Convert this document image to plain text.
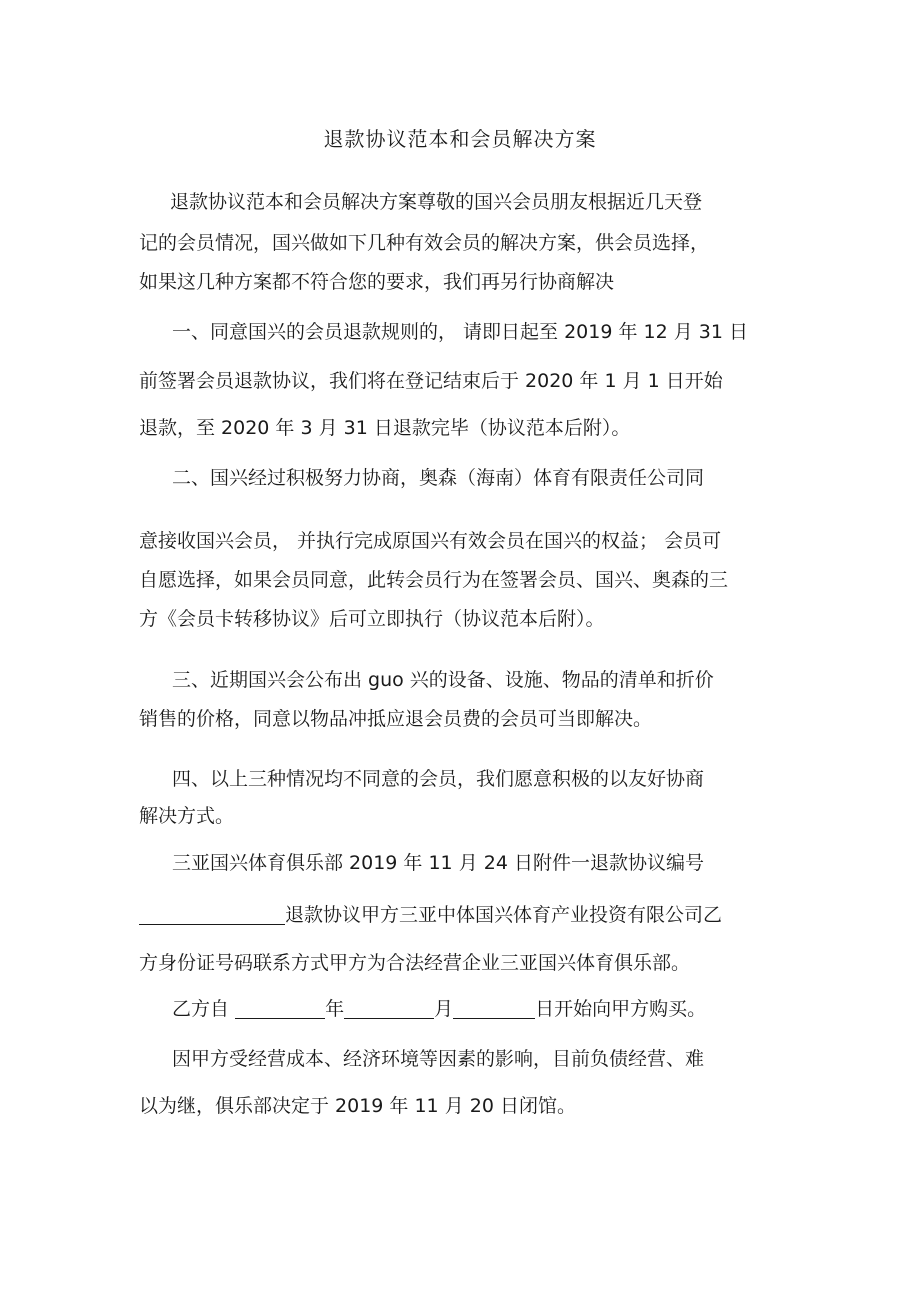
退款协议范本和会员解决方案

退款协议范本和会员解决方案尊敬的国兴会员朋友根据近几天登

记的会员情况，国兴做如下几种有效会员的解决方案，供会员选择，

如果这几种方案都不符合您的要求，我们再另行协商解决

一、同意国兴的会员退款规则的， 请即日起至 2019 年 12 月 31 日

前签署会员退款协议，我们将在登记结束后于 2020 年 1 月 1 日开始

退款，至 2020 年 3 月 31 日退款完毕（协议范本后附）。

二、国兴经过积极努力协商，奥森（海南）体育有限责任公司同

意接收国兴会员， 并执行完成原国兴有效会员在国兴的权益； 会员可

自愿选择，如果会员同意，此转会员行为在签署会员、国兴、奥森的三

方《会员卡转移协议》后可立即执行（协议范本后附）。

三、近期国兴会公布出 guo 兴的设备、设施、物品的清单和折价

销售的价格，同意以物品冲抵应退会员费的会员可当即解决。

四、以上三种情况均不同意的会员，我们愿意积极的以友好协商

解决方式。

三亚国兴体育俱乐部 2019 年 11 月 24 日附件一退款协议编号

退款协议甲方三亚中体国兴体育产业投资有限公司乙

方身份证号码联系方式甲方为合法经营企业三亚国兴体育俱乐部。

乙方自	年	月	日开始向甲方购买。

因甲方受经营成本、经济环境等因素的影响，目前负债经营、难

以为继，俱乐部决定于 2019 年 11 月 20 日闭馆。
